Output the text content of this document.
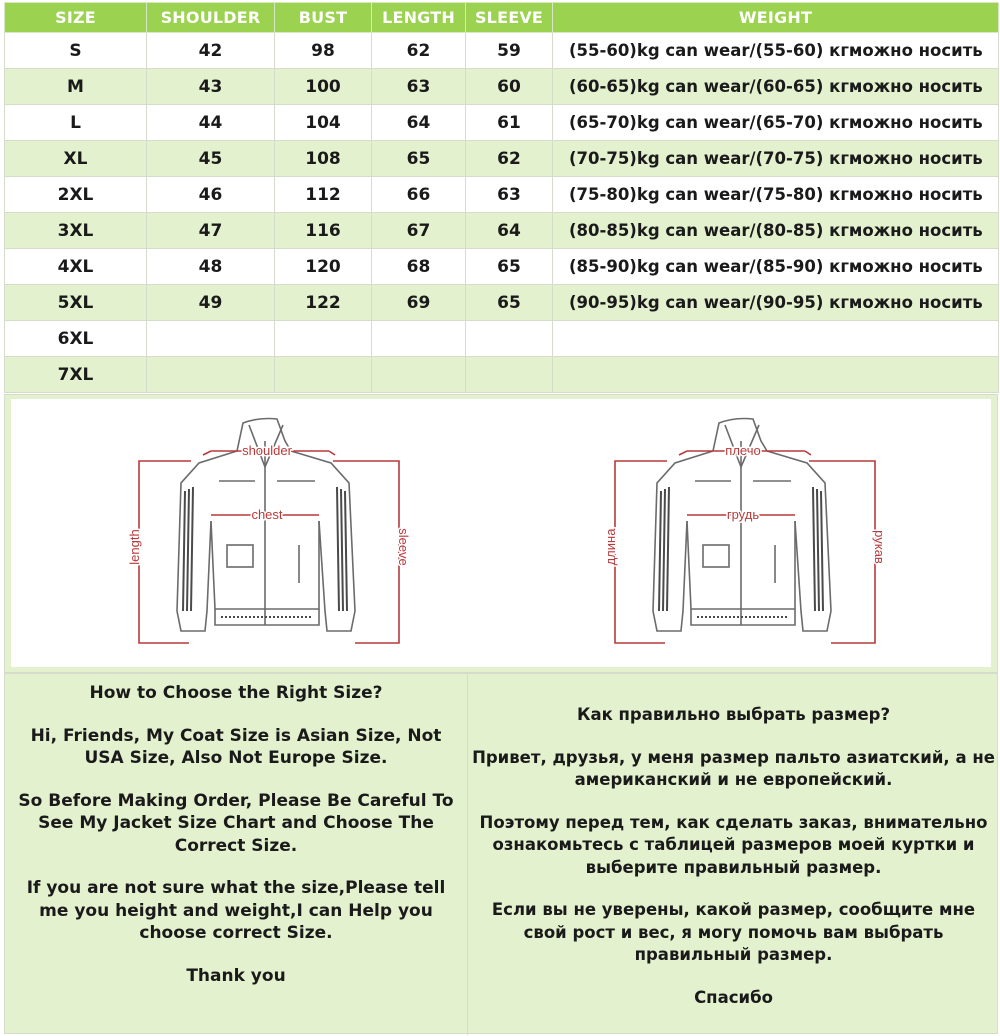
SIZE	SHOULDER	BUST	LENGTH	SLEEVE	WEIGHT
S	42	98	62	59	(55-60)kg can wear/(55-60) кгможно носить
M	43	100	63	60	(60-65)kg can wear/(60-65) кгможно носить
L	44	104	64	61	(65-70)kg can wear/(65-70) кгможно носить
XL	45	108	65	62	(70-75)kg can wear/(70-75) кгможно носить
2XL	46	112	66	63	(75-80)kg can wear/(75-80) кгможно носить
3XL	47	116	67	64	(80-85)kg can wear/(80-85) кгможно носить
4XL	48	120	68	65	(85-90)kg can wear/(85-90) кгможно носить
5XL	49	122	69	65	(90-95)kg can wear/(90-95) кгможно носить
6XL					
7XL					
shoulder
chest
length	sleeve
плечо
грудь
длина	рукав

How to Choose the Right Size?

Hi, Friends, My Coat Size is Asian Size, Not USA Size, Also Not Europe Size.

So Before Making Order, Please Be Careful To See My Jacket Size Chart and Choose The Correct Size.

If you are not sure what the size,Please tell me you height and weight,I can Help you choose correct Size.

Thank you

Как правильно выбрать размер?

Привет, друзья, у меня размер пальто азиатский, а не американский и не европейский.

Поэтому перед тем, как сделать заказ, внимательно ознакомьтесь с таблицей размеров моей куртки и выберите правильный размер.

Если вы не уверены, какой размер, сообщите мне свой рост и вес, я могу помочь вам выбрать правильный размер.

Спасибо
